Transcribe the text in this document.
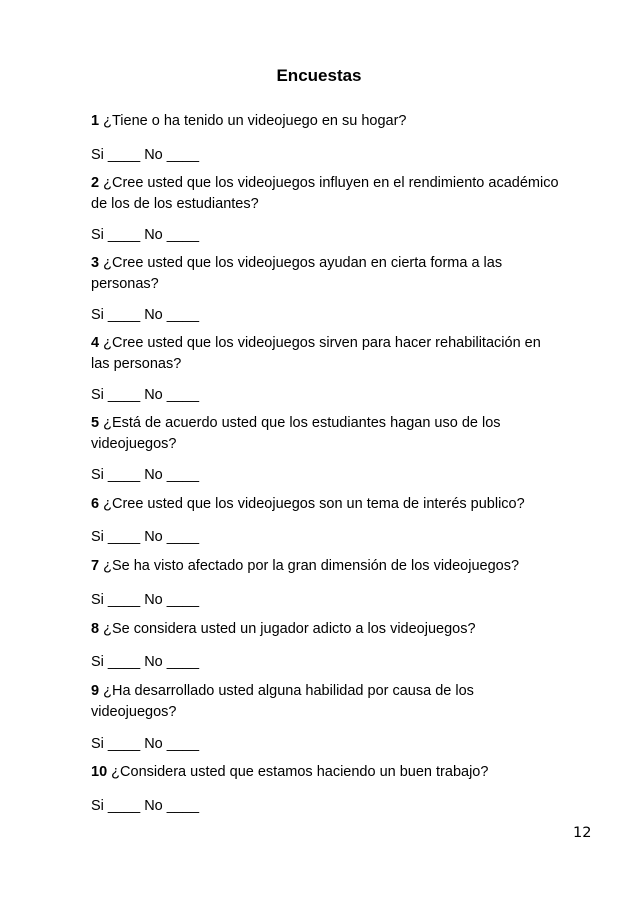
Encuestas
1 ¿Tiene o ha tenido un videojuego en su hogar?
Si ____ No ____
2 ¿Cree usted que los videojuegos influyen en el rendimiento académico de los de los estudiantes?
Si ____ No ____
3 ¿Cree usted que los videojuegos ayudan en cierta forma a las personas?
Si ____ No ____
4 ¿Cree usted que los videojuegos sirven para hacer rehabilitación en las personas?
Si ____ No ____
5 ¿Está de acuerdo usted que los estudiantes hagan uso de los videojuegos?
Si ____ No ____
6 ¿Cree usted que los videojuegos son un tema de interés publico?
Si ____ No ____
7 ¿Se ha visto afectado por la gran dimensión de los videojuegos?
Si ____ No ____
8 ¿Se considera usted un jugador adicto a los videojuegos?
Si ____ No ____
9 ¿Ha desarrollado usted alguna habilidad por causa de los videojuegos?
Si ____ No ____
10 ¿Considera usted que estamos haciendo un buen trabajo?
Si ____ No ____
12
